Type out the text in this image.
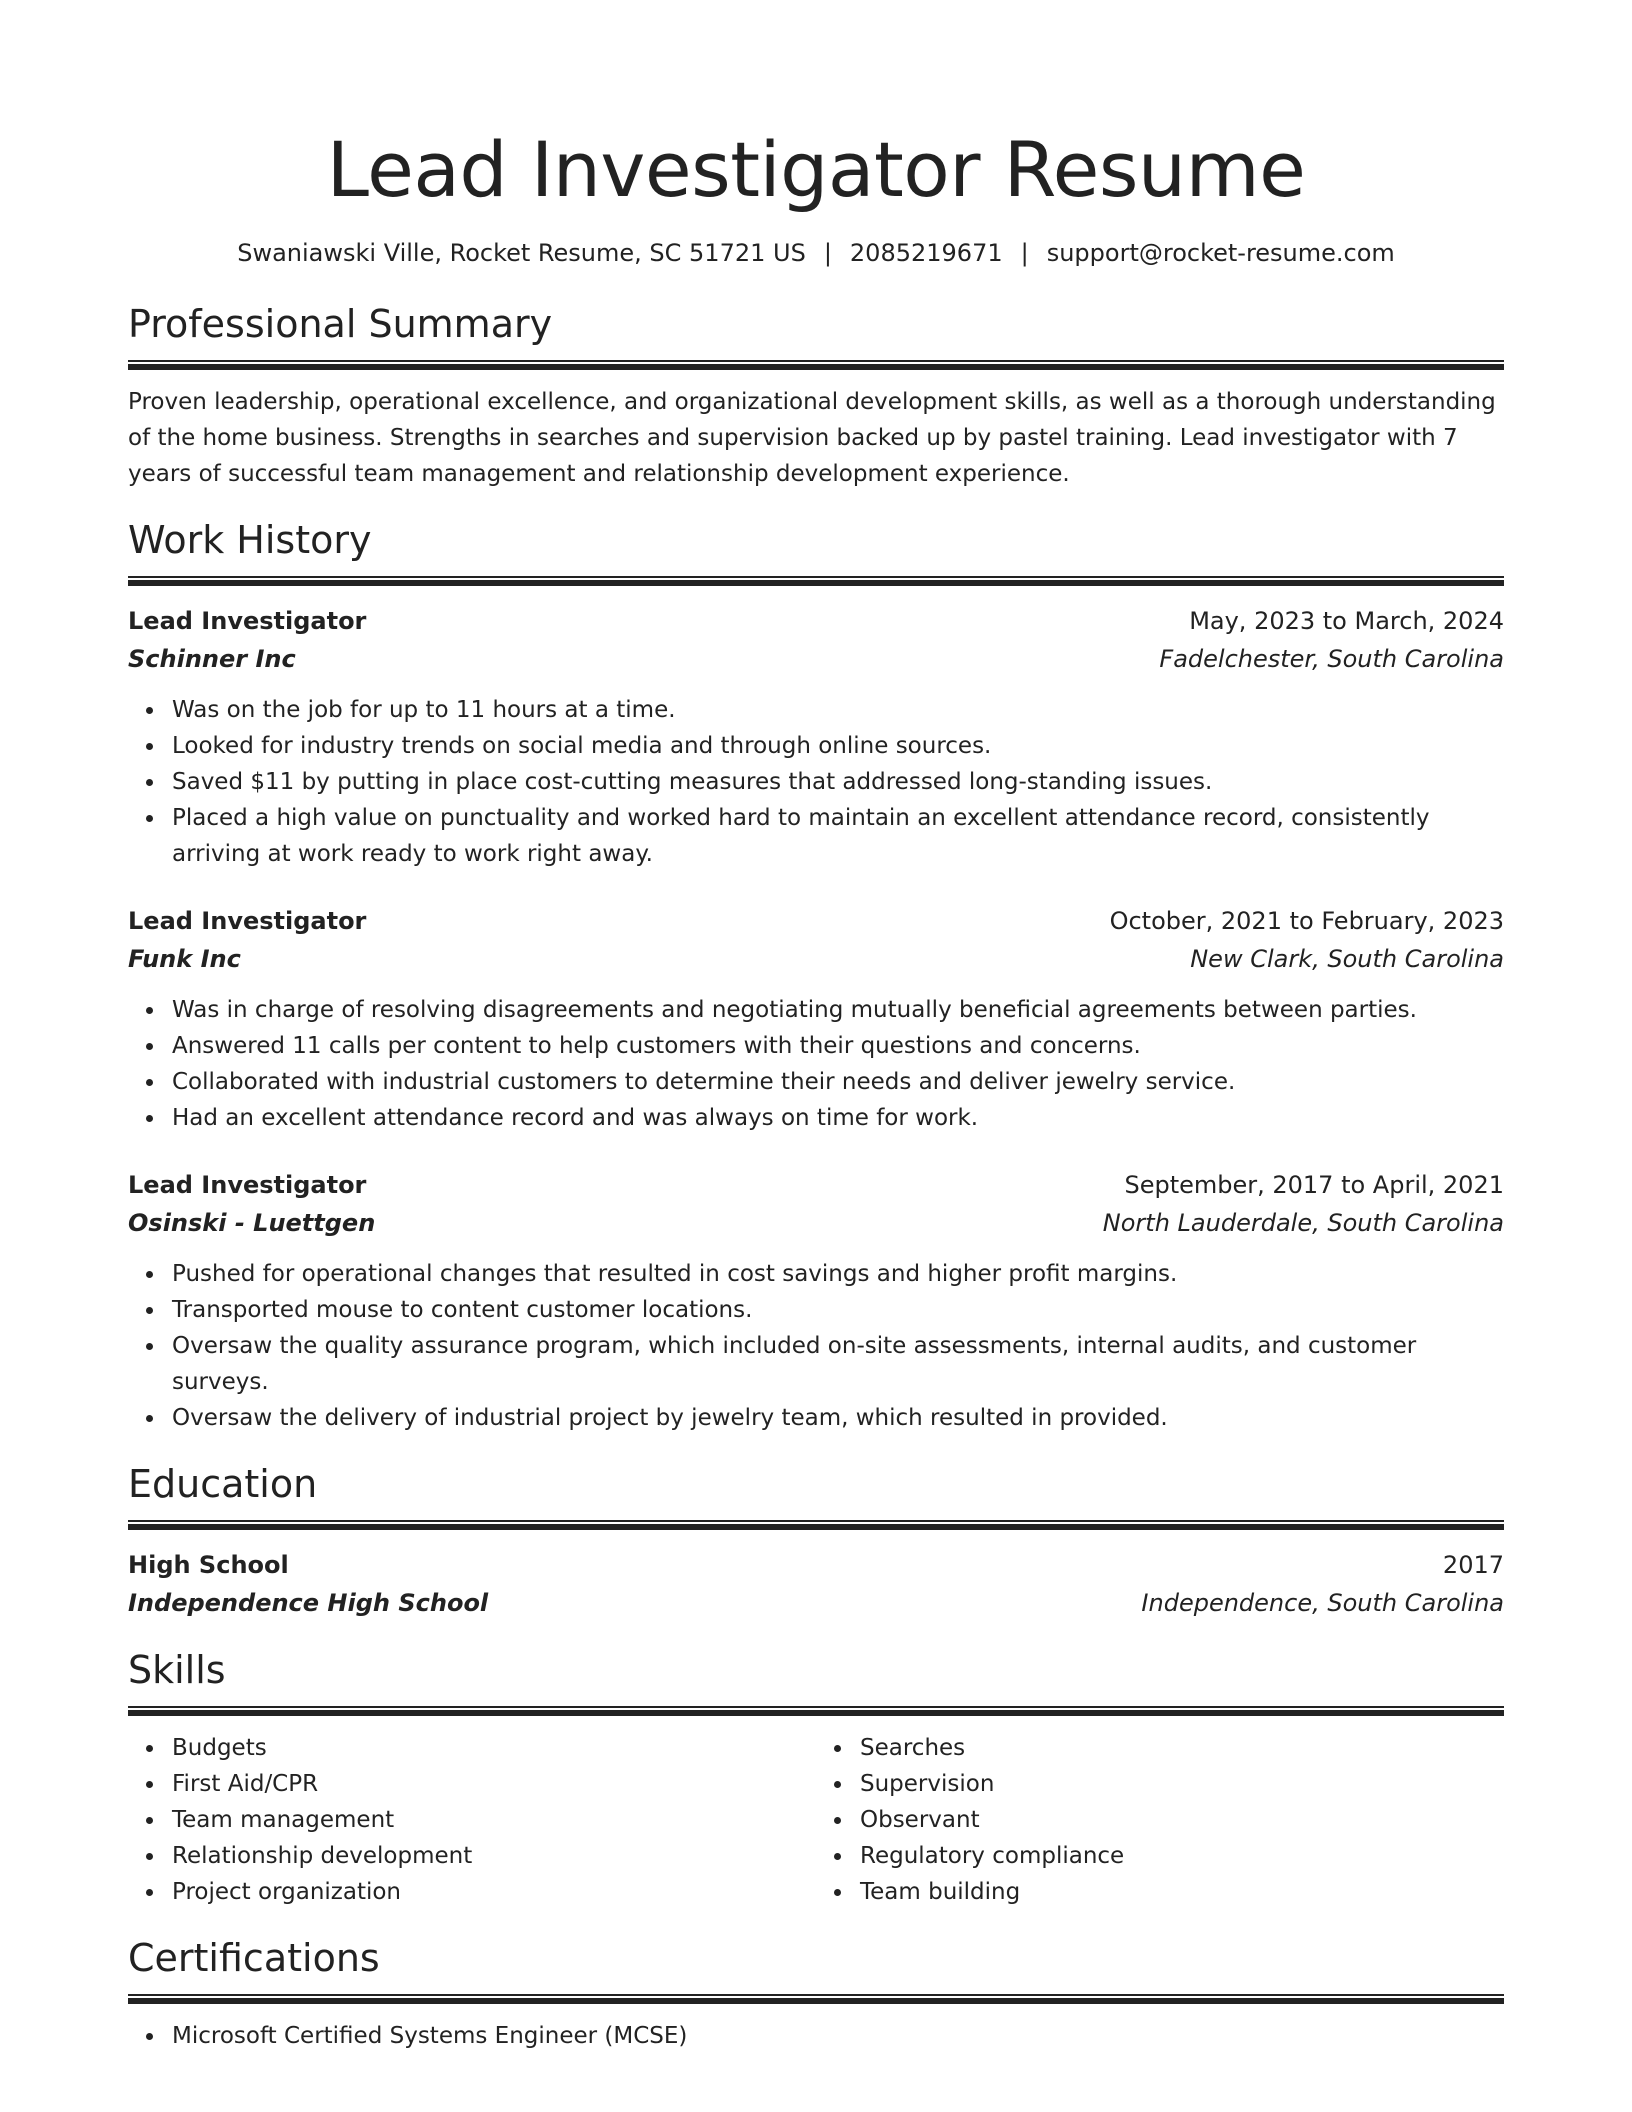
Lead Investigator Resume
Swaniawski Ville, Rocket Resume, SC 51721 US | 2085219671 | support@rocket-resume.com
Professional Summary

Proven leadership, operational excellence, and organizational development skills, as well as a thorough understanding of the home business. Strengths in searches and supervision backed up by pastel training. Lead investigator with 7 years of successful team management and relationship development experience.

Work History
Lead Investigator	May, 2023 to March, 2024
Schinner Inc	Fadelchester, South Carolina
Was on the job for up to 11 hours at a time.
Looked for industry trends on social media and through online sources.
Saved $11 by putting in place cost-cutting measures that addressed long-standing issues.
Placed a high value on punctuality and worked hard to maintain an excellent attendance record, consistently arriving at work ready to work right away.
Lead Investigator	October, 2021 to February, 2023
Funk Inc	New Clark, South Carolina
Was in charge of resolving disagreements and negotiating mutually beneficial agreements between parties.
Answered 11 calls per content to help customers with their questions and concerns.
Collaborated with industrial customers to determine their needs and deliver jewelry service.
Had an excellent attendance record and was always on time for work.
Lead Investigator	September, 2017 to April, 2021
Osinski - Luettgen	North Lauderdale, South Carolina
Pushed for operational changes that resulted in cost savings and higher profit margins.
Transported mouse to content customer locations.
Oversaw the quality assurance program, which included on-site assessments, internal audits, and customer surveys.
Oversaw the delivery of industrial project by jewelry team, which resulted in provided.
Education
High School	2017
Independence High School	Independence, South Carolina
Skills
Budgets
First Aid/CPR
Team management
Relationship development
Project organization
Searches
Supervision
Observant
Regulatory compliance
Team building
Certifications
Microsoft Certified Systems Engineer (MCSE)
